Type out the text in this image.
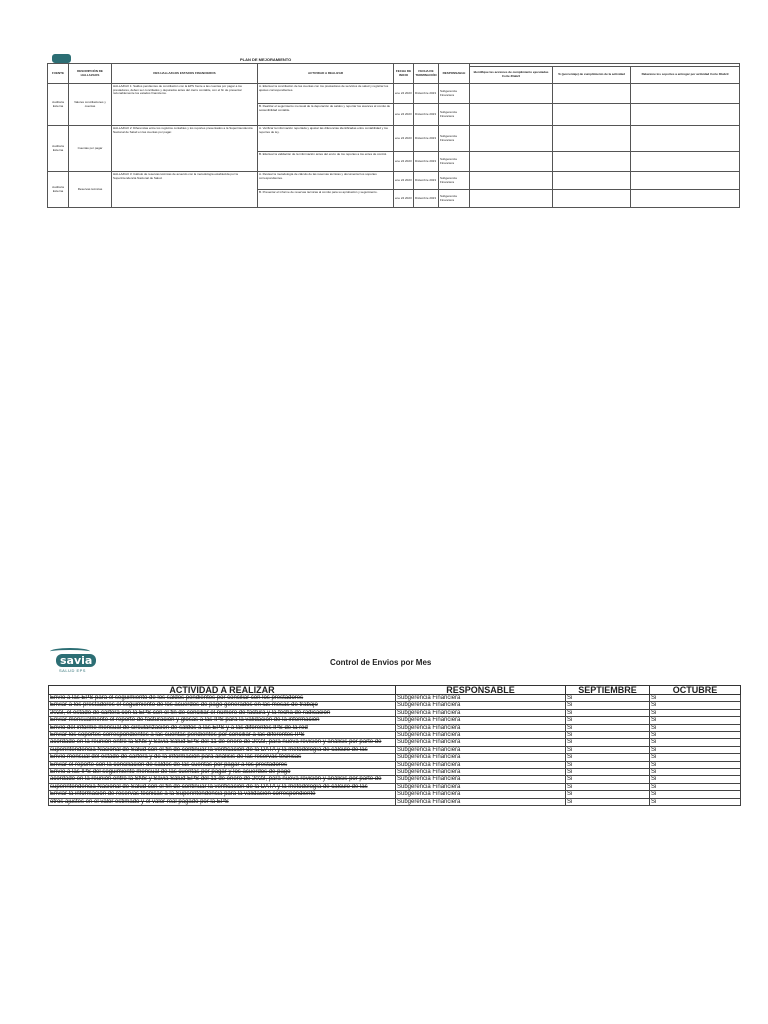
PLAN DE MEJORAMIENTO
FUENTE	DESCRIPCIÓN DE HALLAZGOS	DES HALLAZGOS ESTADOS FINANCIEROS	ACTIVIDAD A REALIZAR	FECHA DE INICIO	FECHA DE TERMINACIÓN	RESPONSABLE			
							Identifique las acciones de cumplimiento ejecutadas Corte 30abril	% (porcentaje) de cumplimiento de la actividad	Relacione los soportes a entregar por actividad Corte 30abril
Auditoria Externa	Valores conciliaciones y cuentas	HALLAZGO 1: Saldos pendientes de conciliación con la EPS frente a las cuentas por pagar a los prestadores, deben ser conciliados y depurados antes del cierre contable, con el fin de presentar razonablemente los estados financieros.	A. Efectuar la conciliación de las cuentas con los prestadores de servicios de salud y registrar los ajustes correspondientes.	ene 24 2023	Diciembre 2023	Subgerencia Financiera			
			B. Realizar el seguimiento mensual de la depuración de saldos y reportar los avances al comité de sostenibilidad contable.	ene 24 2023	Diciembre 2023	Subgerencia Financiera			
Auditoria Externa	Cuentas por pagar	HALLAZGO 2: Diferencias entre los registros contables y los reportes presentados a la Superintendencia Nacional de Salud en las cuentas por pagar.	A. Verificar la información reportada y ajustar las diferencias identificadas entre contabilidad y los reportes de ley.	ene 24 2023	Diciembre 2023	Subgerencia Financiera			
			B. Efectuar la validación de la información antes del envío de los reportes a los entes de control.	ene 24 2023	Diciembre 2023	Subgerencia Financiera			
Auditoria Externa	Reservas técnicas	HALLAZGO 3: Cálculo de reservas técnicas de acuerdo con la metodología establecida por la Superintendencia Nacional de Salud.	A. Revisar la metodología de cálculo de las reservas técnicas y documentar los soportes correspondientes.	ene 24 2023	Diciembre 2023	Subgerencia Financiera			
			B. Presentar el informe de reservas técnicas al comité para su aprobación y seguimiento.	ene 24 2023	Diciembre 2023	Subgerencia Financiera			
savia
SALUD EPS
Control de Envios por Mes
ACTIVIDAD A REALIZAR	RESPONSABLE	SEPTIEMBRE	OCTUBRE
Envío a las EPS para el seguimiento de los saldos pendientes por conciliar con los prestadores	Subgerencia Financiera	Si	Si
Enviar a los prestadores el seguimiento de los acuerdos de pago generados en las mesas de trabajo	Subgerencia Financiera	Si	Si
2023, el estado de cartera con la EPS con el fin de conciliar el número de factura y la fecha de radicación	Subgerencia Financiera	Si	Si
Enviar mensualmente el reporte de facturación y glosas a las IPS para la validación de la información	Subgerencia Financiera	Si	Si
Envío del informe mensual de circularización de saldos a las EPS y a las diferentes IPS de la red	Subgerencia Financiera	Si	Si
Enviar los soportes correspondientes a las cuentas pendientes por conciliar a las diferentes IPS	Subgerencia Financiera	Si	Si
acordado en la reunión entre la SNS y Savia Salud EPS del 11 de enero de 2023, para nueva revisión y análisis por parte de	Subgerencia Financiera	Si	Si
superintendencia Nacional de Salud con el fin de continuar la verificación de la DATA y la metodología de cálculo de las	Subgerencia Financiera	Si	Si
Envío mensual del estado de cartera y de la información para análisis de las reservas técnicas	Subgerencia Financiera	Si	Si
Enviar el reporte con la conciliación de saldos de las cuentas por pagar a los prestadores	Subgerencia Financiera	Si	Si
Envío a las IPS del seguimiento mensual de las cuentas por pagar y los acuerdos de pago	Subgerencia Financiera	Si	Si
acordado en la reunión entre la SNS y Savia Salud EPS del 11 de enero de 2023, para nueva revisión y análisis por parte de	Subgerencia Financiera	Si	Si
superintendencia Nacional de Salud con el fin de continuar la verificación de la DATA y la metodología de cálculo de las	Subgerencia Financiera	Si	Si
Enviar la información de reservas técnicas a la Superintendencia para la validación correspondiente	Subgerencia Financiera	Si	Si
otros ajustes en el valor estimado y el valor real pagado por la EPS	Subgerencia Financiera	Si	Si
